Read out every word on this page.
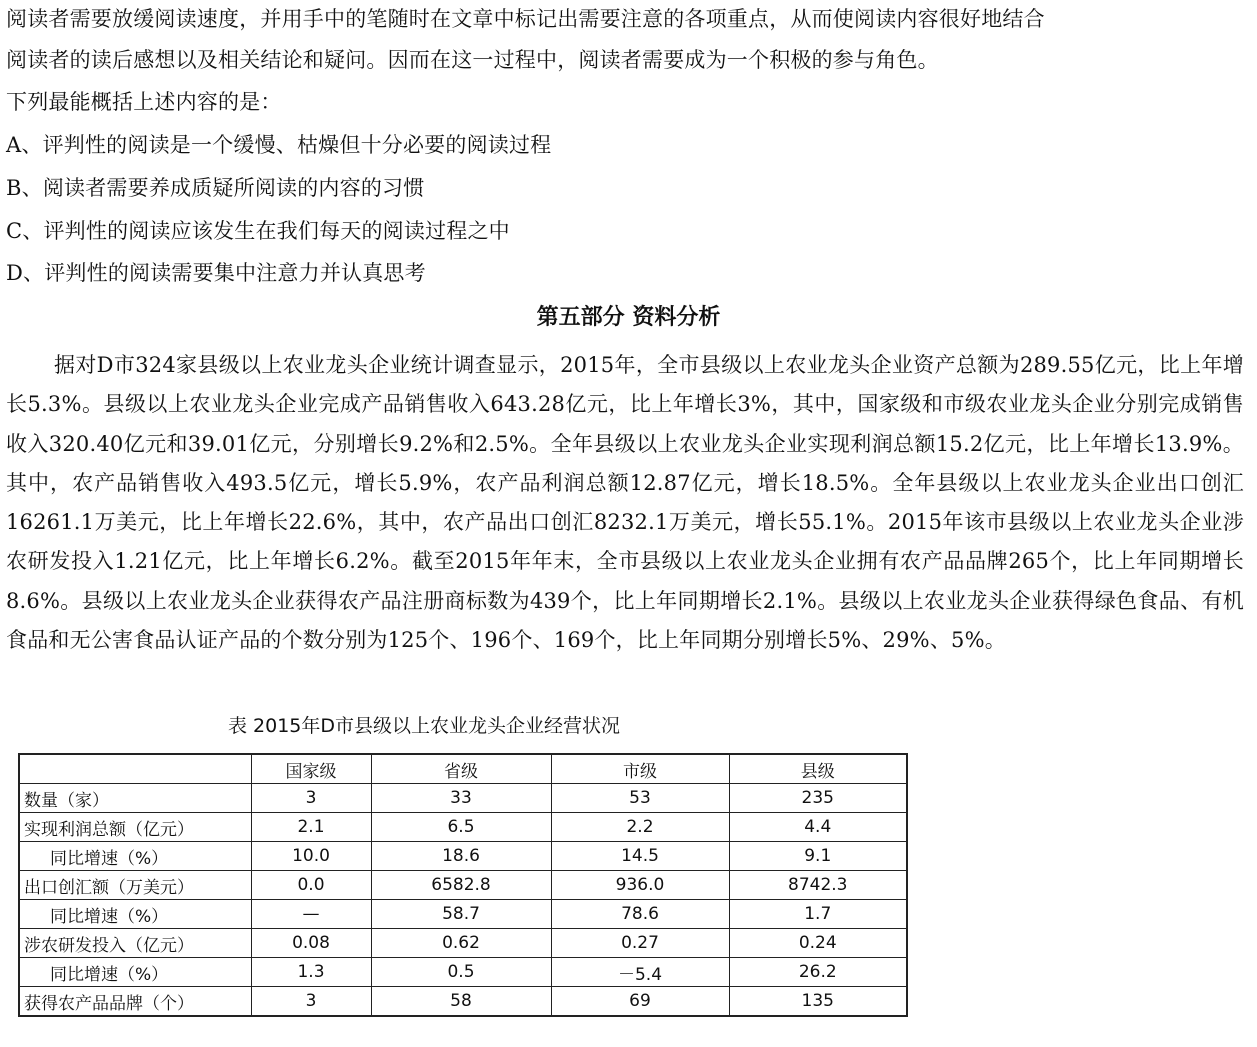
阅读者需要放缓阅读速度，并用手中的笔随时在文章中标记出需要注意的各项重点，从而使阅读内容很好地结合
阅读者的读后感想以及相关结论和疑问。因而在这一过程中，阅读者需要成为一个积极的参与角色。
下列最能概括上述内容的是：
A、评判性的阅读是一个缓慢、枯燥但十分必要的阅读过程
B、阅读者需要养成质疑所阅读的内容的习惯
C、评判性的阅读应该发生在我们每天的阅读过程之中
D、评判性的阅读需要集中注意力并认真思考
第五部分 资料分析
据对D市324家县级以上农业龙头企业统计调查显示，2015年，全市县级以上农业龙头企业资产总额为289.55亿元，比上年增长5.3%。县级以上农业龙头企业完成产品销售收入643.28亿元，比上年增长3%，其中，国家级和市级农业龙头企业分别完成销售收入320.40亿元和39.01亿元，分别增长9.2%和2.5%。全年县级以上农业龙头企业实现利润总额15.2亿元，比上年增长13.9%。其中，农产品销售收入493.5亿元，增长5.9%，农产品利润总额12.87亿元，增长18.5%。全年县级以上农业龙头企业出口创汇16261.1万美元，比上年增长22.6%，其中，农产品出口创汇8232.1万美元，增长55.1%。2015年该市县级以上农业龙头企业涉农研发投入1.21亿元，比上年增长6.2%。截至2015年年末，全市县级以上农业龙头企业拥有农产品品牌265个，比上年同期增长8.6%。县级以上农业龙头企业获得农产品注册商标数为439个，比上年同期增长2.1%。县级以上农业龙头企业获得绿色食品、有机食品和无公害食品认证产品的个数分别为125个、196个、169个，比上年同期分别增长5%、29%、5%。
表 2015年D市县级以上农业龙头企业经营状况
	国家级	省级	市级	县级
数量（家）	3	33	53	235
实现利润总额（亿元）	2.1	6.5	2.2	4.4
同比增速（%）	10.0	18.6	14.5	9.1
出口创汇额（万美元）	0.0	6582.8	936.0	8742.3
同比增速（%）	—	58.7	78.6	1.7
涉农研发投入（亿元）	0.08	0.62	0.27	0.24
同比增速（%）	1.3	0.5	－5.4	26.2
获得农产品品牌（个）	3	58	69	135
